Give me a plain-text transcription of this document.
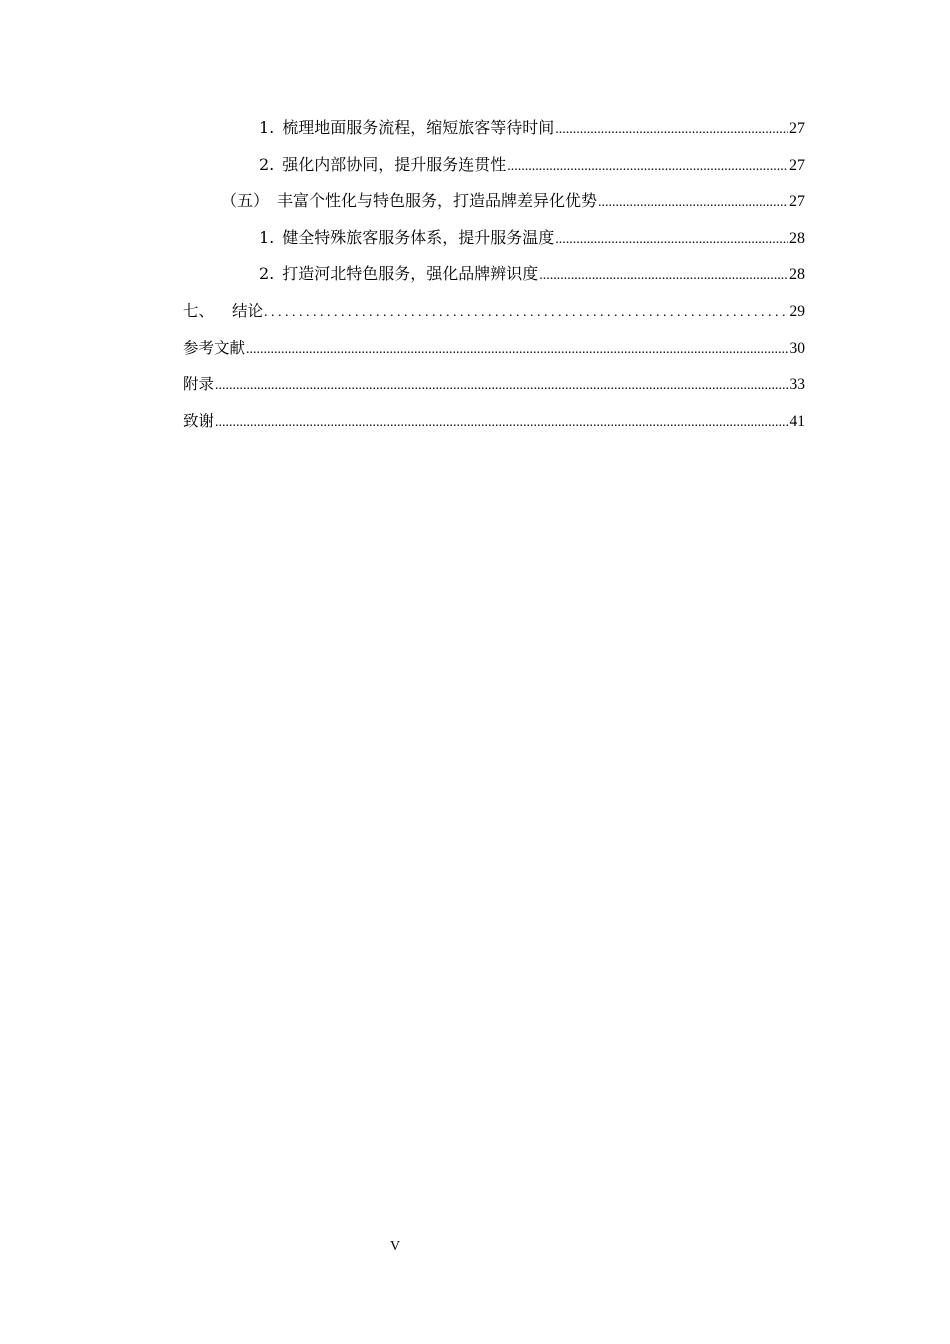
1. 梳理地面服务流程，缩短旅客等待时间 .....	27
2. 强化内部协同，提升服务连贯性 .....	27
（五） 丰富个性化与特色服务，打造品牌差异化优势 .....	27
1. 健全特殊旅客服务体系，提升服务温度 .....	28
2. 打造河北特色服务，强化品牌辨识度 .....	28
七、 结论 . . .	29
参考文献 .....	30
附录 .....	33
致谢 .....	41
V
